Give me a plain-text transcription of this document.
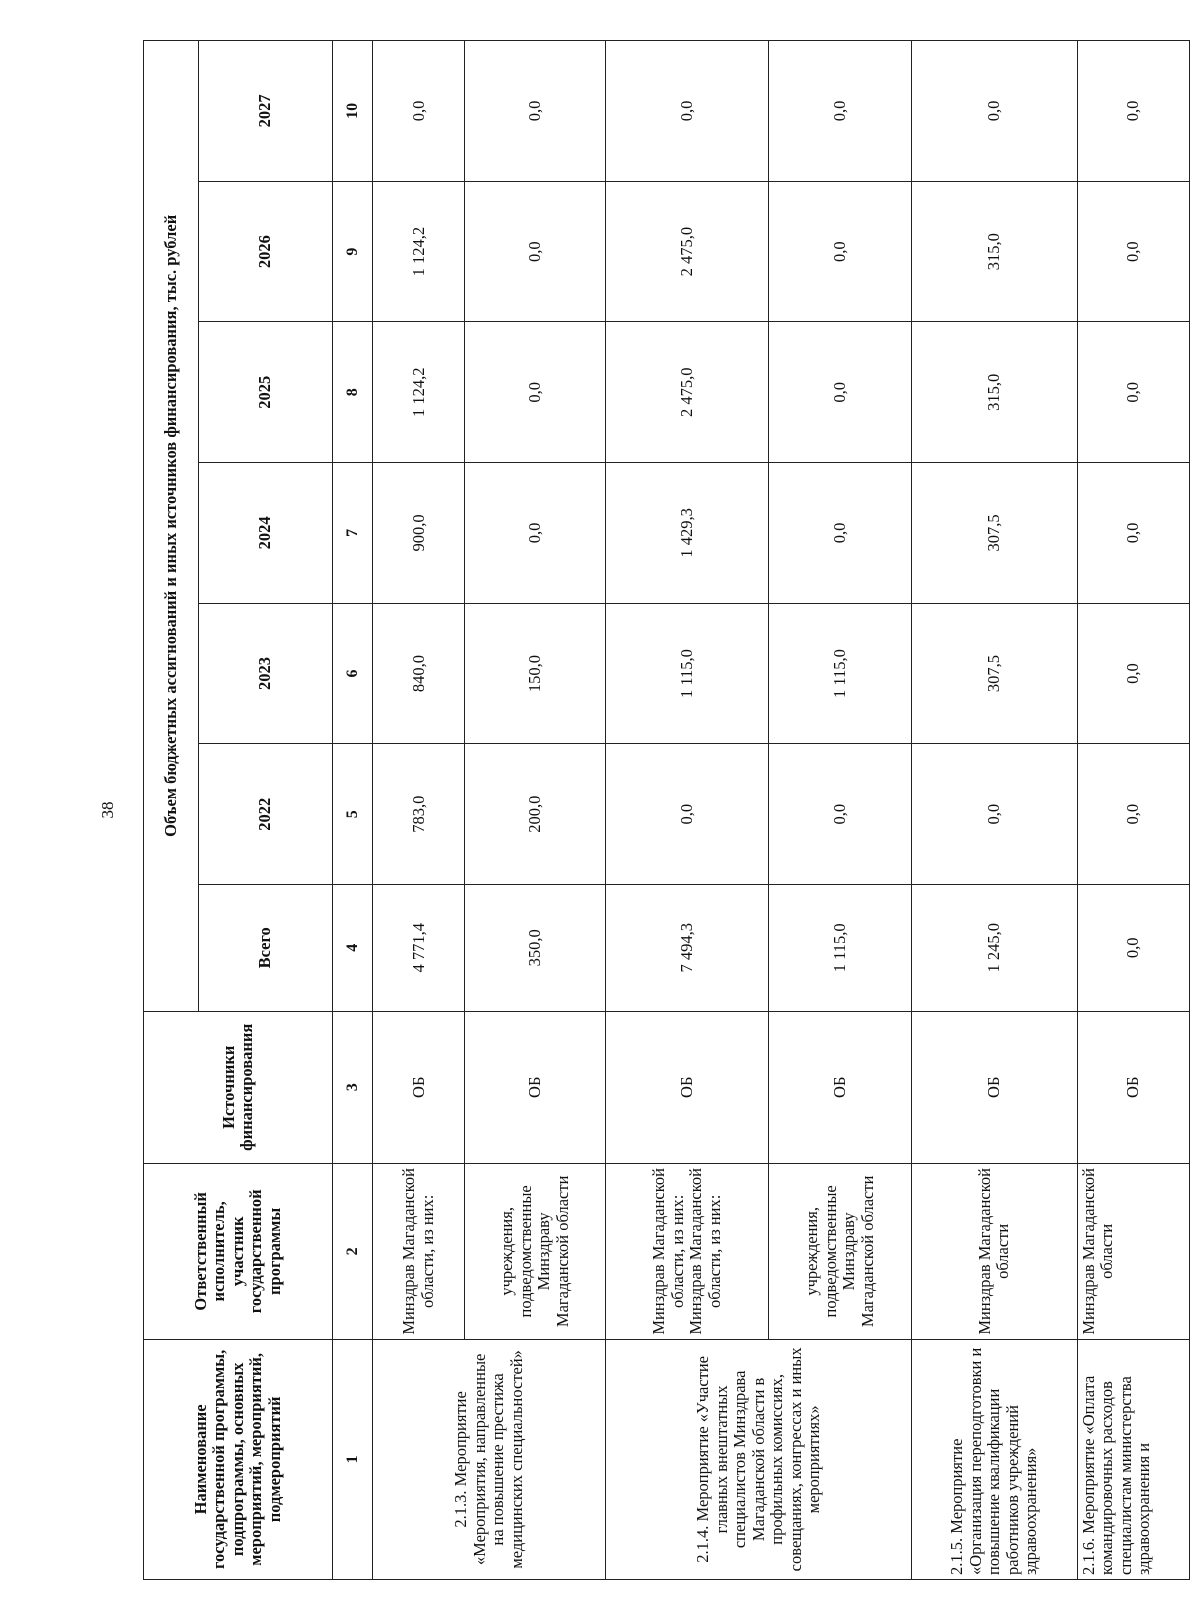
38
Наименование государственной программы, подпрограммы, основных мероприятий, мероприятий, подмероприятий	Ответственный исполнитель, участник государственной программы	Источники финансирования	Объем бюджетных ассигнований и иных источников финансирования, тыс. рублей						
			Всего	2022	2023	2024	2025	2026	2027
1	2	3	4	5	6	7	8	9	10
2.1.3. Мероприятие «Мероприятия, направленные на повышение престижа медицинских специальностей»	Минздрав Магаданской области, из них:	ОБ	4 771,4	783,0	840,0	900,0	1 124,2	1 124,2	0,0
	учреждения, подведомственные Минздраву Магаданской области	ОБ	350,0	200,0	150,0	0,0	0,0	0,0	0,0
2.1.4. Мероприятие «Участие главных внештатных специалистов Минздрава Магаданской области в профильных комиссиях, совещаниях, конгрессах и иных мероприятиях»	Минздрав Магаданской области, из них: Минздрав Магаданской области, из них:	ОБ	7 494,3	0,0	1 115,0	1 429,3	2 475,0	2 475,0	0,0
	учреждения, подведомственные Минздраву Магаданской области	ОБ	1 115,0	0,0	1 115,0	0,0	0,0	0,0	0,0
2.1.5. Мероприятие «Организация переподготовки и повышение квалификации работников учреждений здравоохранения»	Минздрав Магаданской области	ОБ	1 245,0	0,0	307,5	307,5	315,0	315,0	0,0
2.1.6. Мероприятие «Оплата командировочных расходов специалистам министерства здравоохранения и	Минздрав Магаданской области	ОБ	0,0	0,0	0,0	0,0	0,0	0,0	0,0
